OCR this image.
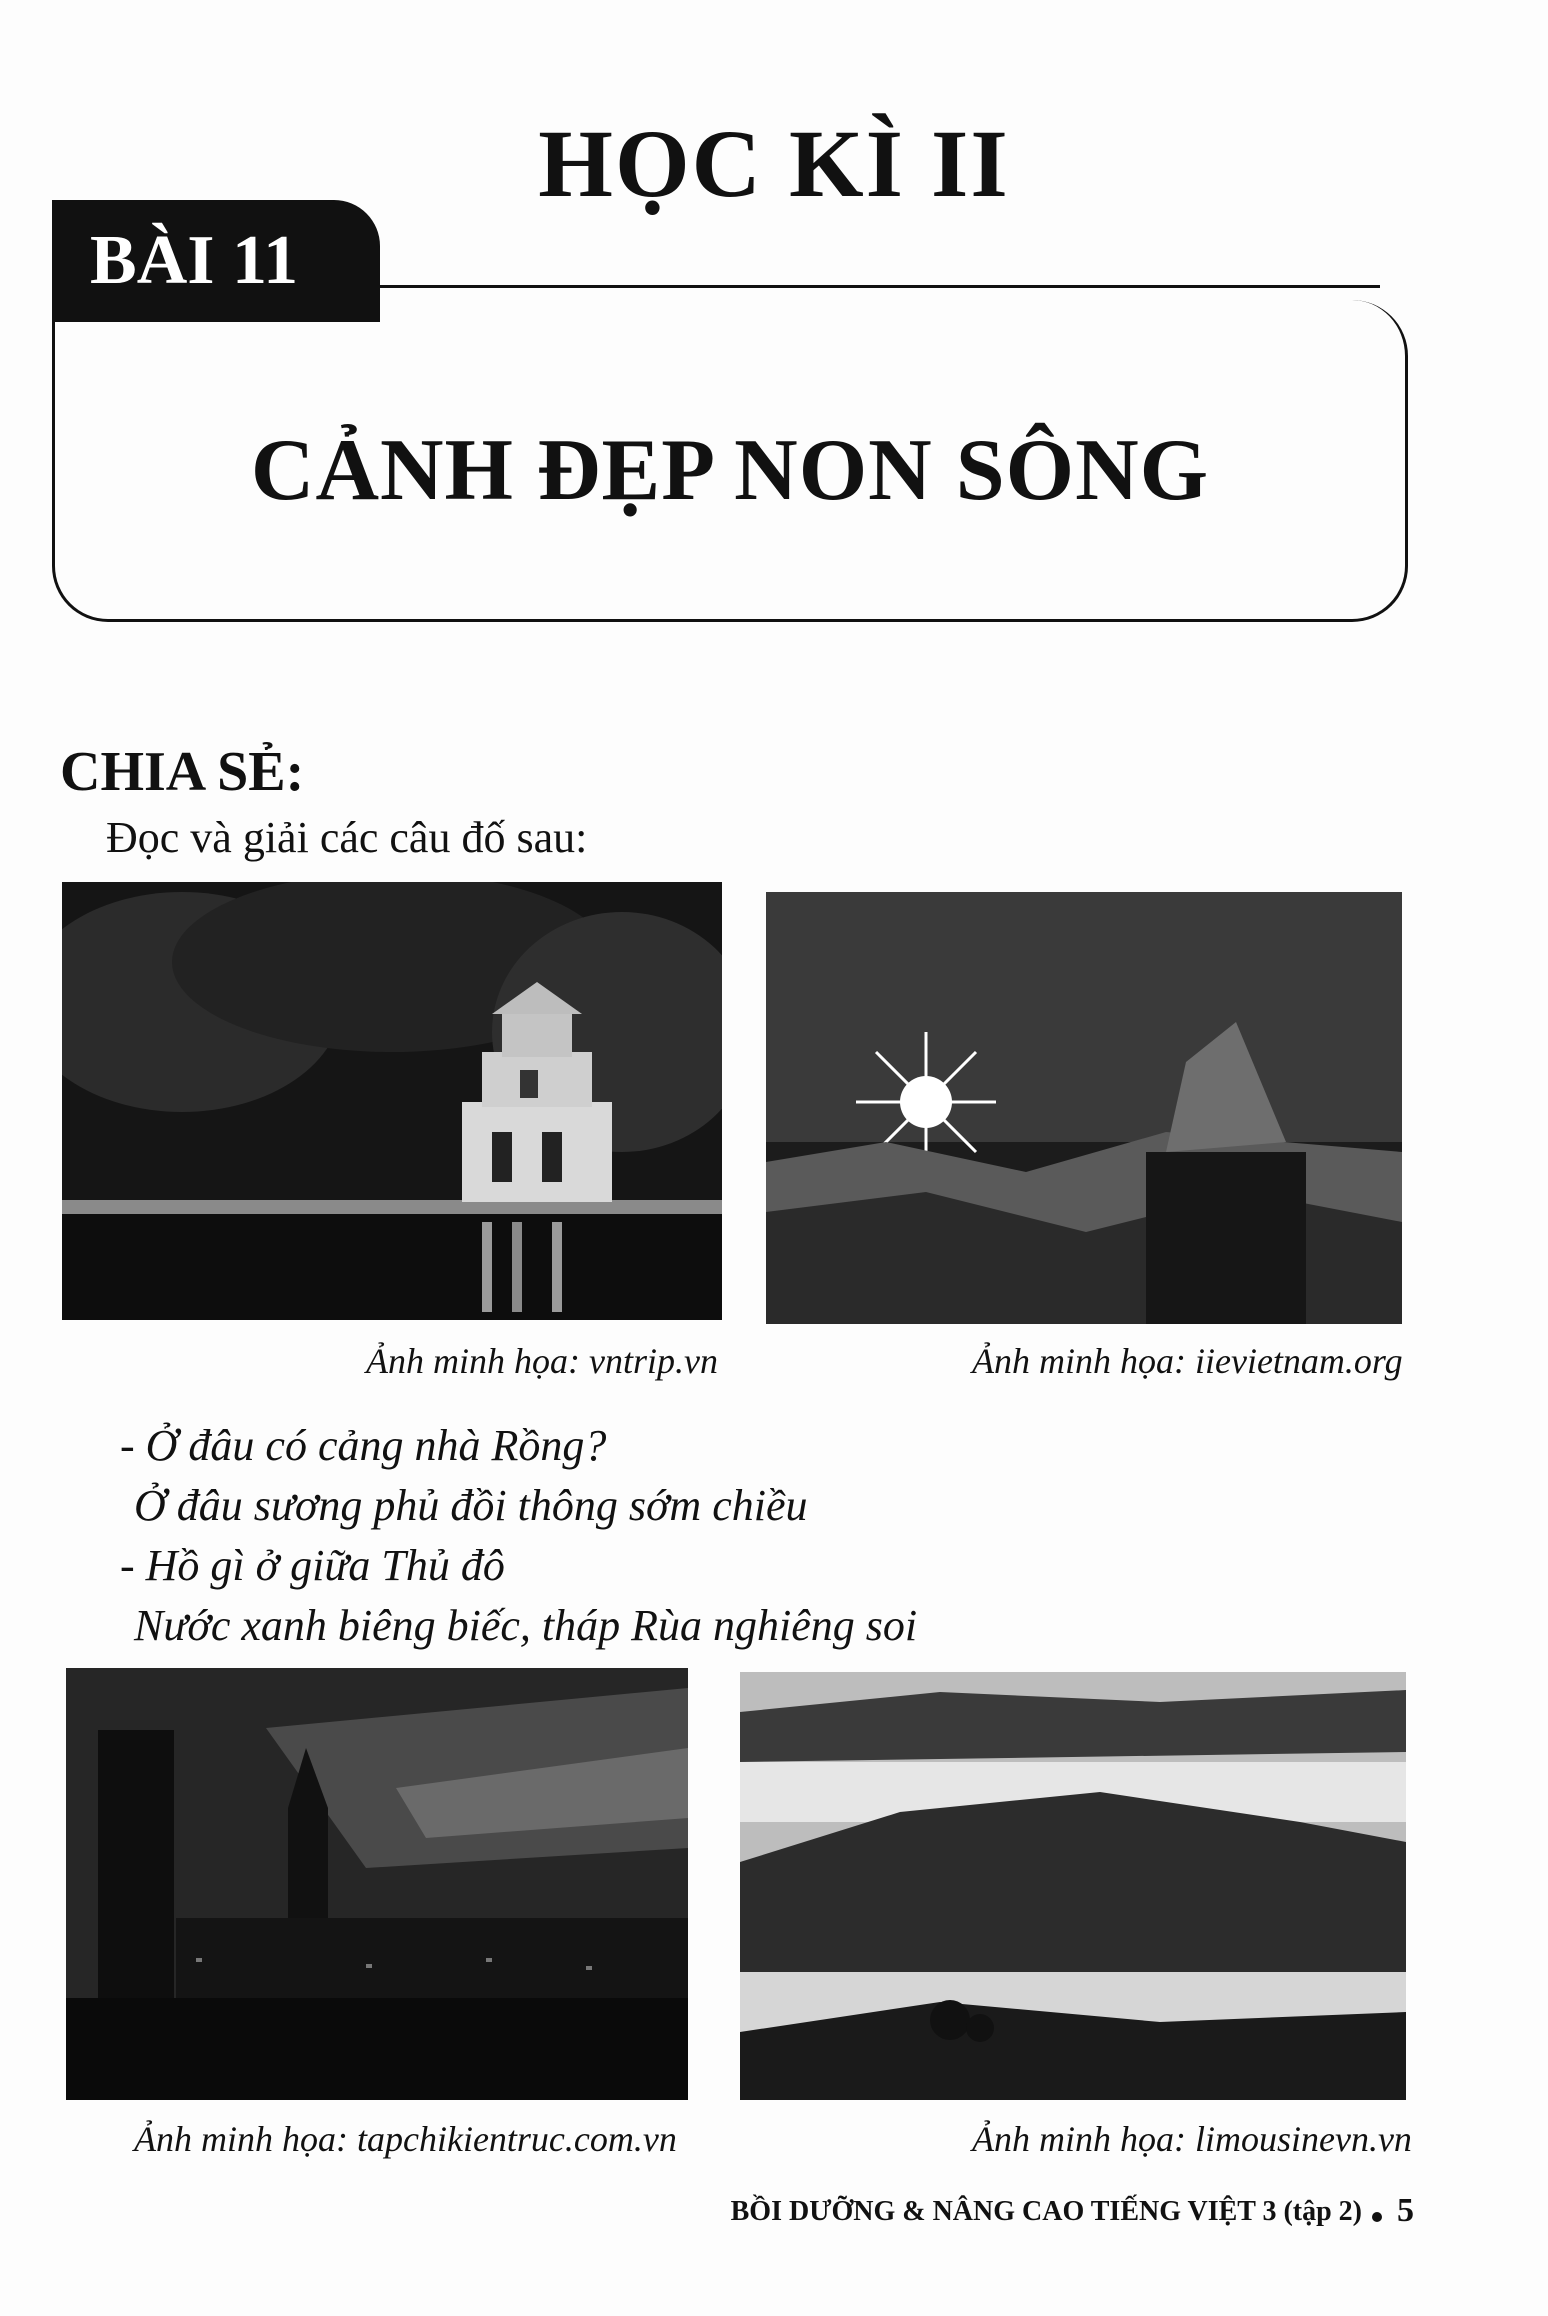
HỌC KÌ II
BÀI 11
CẢNH ĐẸP NON SÔNG
CHIA SẺ:
Đọc và giải các câu đố sau:
Ảnh minh họa: vntrip.vn	Ảnh minh họa: iievietnam.org
- Ở đâu có cảng nhà Rồng?
Ở đâu sương phủ đồi thông sớm chiều
- Hồ gì ở giữa Thủ đô
Nước xanh biêng biếc, tháp Rùa nghiêng soi
Ảnh minh họa: tapchikientruc.com.vn	Ảnh minh họa: limousinevn.vn
BỒI DƯỠNG & NÂNG CAO TIẾNG VIỆT 3 (tập 2) 5
